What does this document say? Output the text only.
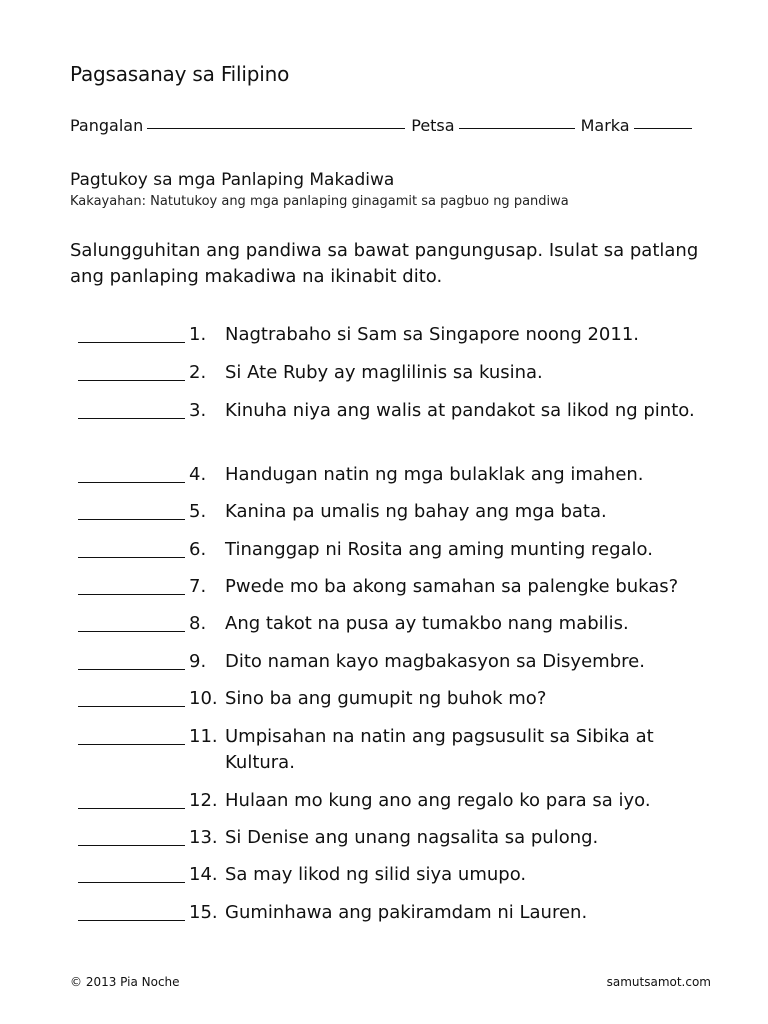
Pagsasanay sa Filipino
Pangalan	Petsa	Marka
Pagtukoy sa mga Panlaping Makadiwa
Kakayahan: Natutukoy ang mga panlaping ginagamit sa pagbuo ng pandiwa
Salungguhitan ang pandiwa sa bawat pangungusap. Isulat sa patlang ang panlaping makadiwa na ikinabit dito.
1.	Nagtrabaho si Sam sa Singapore noong 2011.
2.	Si Ate Ruby ay maglilinis sa kusina.
3.	Kinuha niya ang walis at pandakot sa likod ng pinto.
4.	Handugan natin ng mga bulaklak ang imahen.
5.	Kanina pa umalis ng bahay ang mga bata.
6.	Tinanggap ni Rosita ang aming munting regalo.
7.	Pwede mo ba akong samahan sa palengke bukas?
8.	Ang takot na pusa ay tumakbo nang mabilis.
9.	Dito naman kayo magbakasyon sa Disyembre.
10. Sino ba ang gumupit ng buhok mo?
11. Umpisahan na natin ang pagsusulit sa Sibika at Kultura.
12. Hulaan mo kung ano ang regalo ko para sa iyo.
13. Si Denise ang unang nagsalita sa pulong.
14. Sa may likod ng silid siya umupo.
15. Guminhawa ang pakiramdam ni Lauren.
© 2013 Pia Noche	samutsamot.com
